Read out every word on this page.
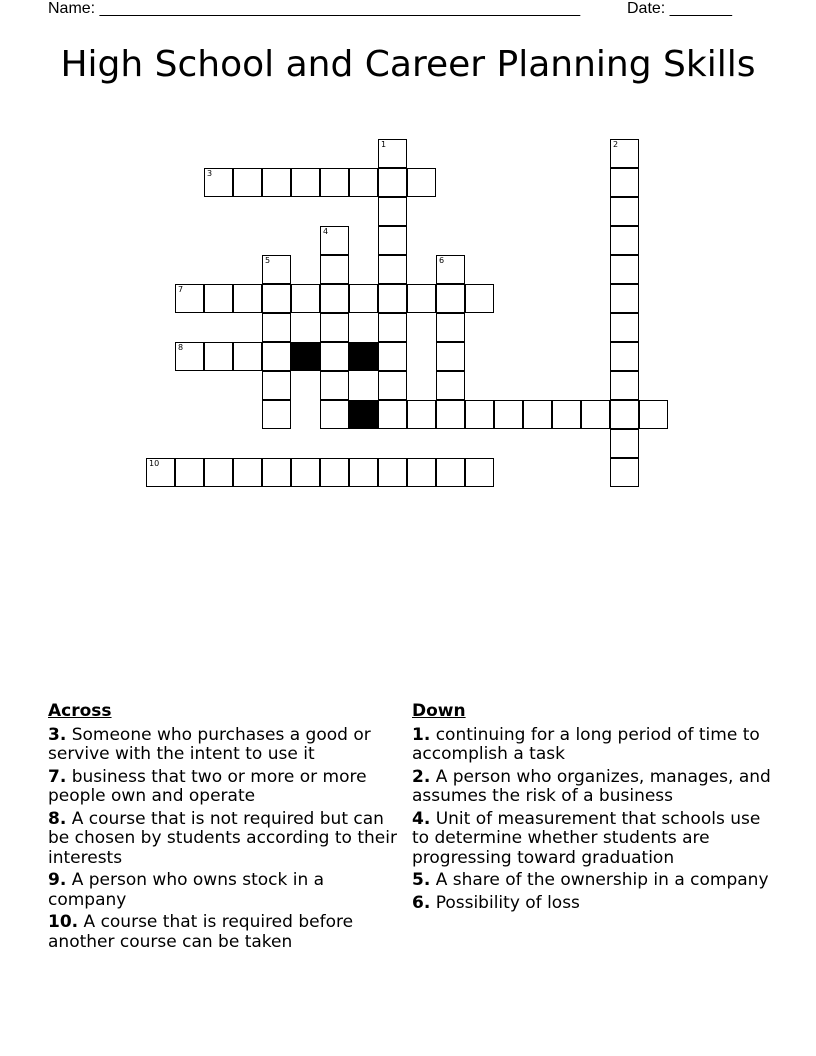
Name: ______________________________________________________	Date: _______
High School and Career Planning Skills
1	2
3
4
5	6
7
8
10
Across
3. Someone who purchases a good or servive with the intent to use it
7. business that two or more or more people own and operate
8. A course that is not required but can be chosen by students according to their interests
9. A person who owns stock in a company
10. A course that is required before another course can be taken
Down
1. continuing for a long period of time to accomplish a task
2. A person who organizes, manages, and assumes the risk of a business
4. Unit of measurement that schools use to determine whether students are progressing toward graduation
5. A share of the ownership in a company
6. Possibility of loss
